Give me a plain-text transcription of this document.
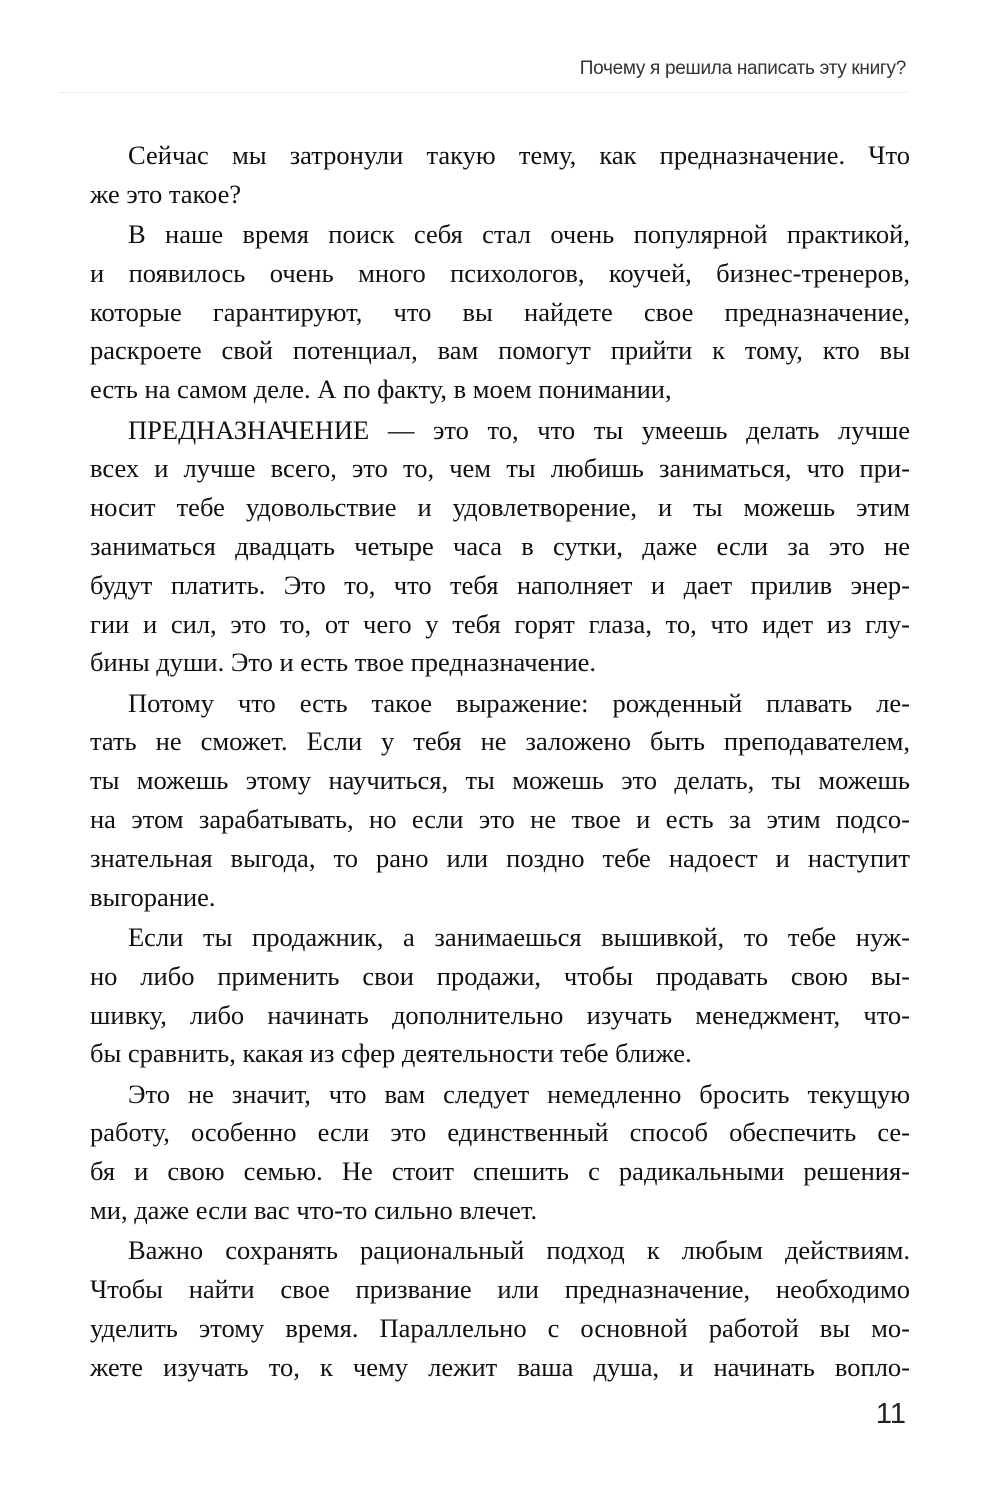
Почему я решила написать эту книгу?
Сейчас мы затронули такую тему, как предназначение. Что
же это такое?
В наше время поиск себя стал очень популярной практикой,
и появилось очень много психологов, коучей, бизнес-тренеров,
которые гарантируют, что вы найдете свое предназначение,
раскроете свой потенциал, вам помогут прийти к тому, кто вы
есть на самом деле. А по факту, в моем понимании,
ПРЕДНАЗНАЧЕНИЕ — это то, что ты умеешь делать лучше
всех и лучше всего, это то, чем ты любишь заниматься, что при-
носит тебе удовольствие и удовлетворение, и ты можешь этим
заниматься двадцать четыре часа в сутки, даже если за это не
будут платить. Это то, что тебя наполняет и дает прилив энер-
гии и сил, это то, от чего у тебя горят глаза, то, что идет из глу-
бины души. Это и есть твое предназначение.
Потому что есть такое выражение: рожденный плавать ле-
тать не сможет. Если у тебя не заложено быть преподавателем,
ты можешь этому научиться, ты можешь это делать, ты можешь
на этом зарабатывать, но если это не твое и есть за этим подсо-
знательная выгода, то рано или поздно тебе надоест и наступит
выгорание.
Если ты продажник, а занимаешься вышивкой, то тебе нуж-
но либо применить свои продажи, чтобы продавать свою вы-
шивку, либо начинать дополнительно изучать менеджмент, что-
бы сравнить, какая из сфер деятельности тебе ближе.
Это не значит, что вам следует немедленно бросить текущую
работу, особенно если это единственный способ обеспечить се-
бя и свою семью. Не стоит спешить с радикальными решения-
ми, даже если вас что-то сильно влечет.
Важно сохранять рациональный подход к любым действиям.
Чтобы найти свое призвание или предназначение, необходимо
уделить этому время. Параллельно с основной работой вы мо-
жете изучать то, к чему лежит ваша душа, и начинать вопло-
11
